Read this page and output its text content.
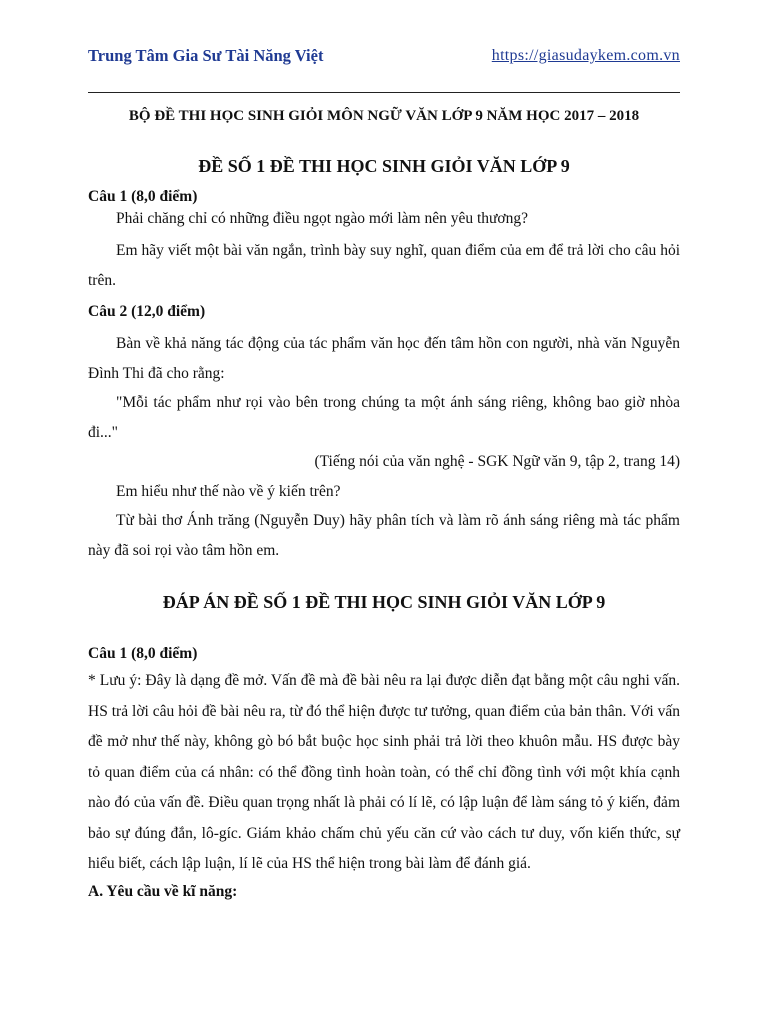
Trung Tâm Gia Sư Tài Năng Việt	https://giasudaykem.com.vn
BỘ ĐỀ THI HỌC SINH GIỎI MÔN NGỮ VĂN LỚP 9 NĂM HỌC 2017 – 2018
ĐỀ SỐ 1 ĐỀ THI HỌC SINH GIỎI VĂN LỚP 9

Câu 1 (8,0 điểm)

Phải chăng chỉ có những điều ngọt ngào mới làm nên yêu thương?

Em hãy viết một bài văn ngắn, trình bày suy nghĩ, quan điểm của em để trả lời cho câu hỏi trên.

Câu 2 (12,0 điểm)

Bàn về khả năng tác động của tác phẩm văn học đến tâm hồn con người, nhà văn Nguyễn Đình Thi đã cho rằng:

"Mỗi tác phẩm như rọi vào bên trong chúng ta một ánh sáng riêng, không bao giờ nhòa đi..."

(Tiếng nói của văn nghệ - SGK Ngữ văn 9, tập 2, trang 14)

Em hiểu như thế nào về ý kiến trên?

Từ bài thơ Ánh trăng (Nguyễn Duy) hãy phân tích và làm rõ ánh sáng riêng mà tác phẩm này đã soi rọi vào tâm hồn em.

ĐÁP ÁN ĐỀ SỐ 1 ĐỀ THI HỌC SINH GIỎI VĂN LỚP 9

Câu 1 (8,0 điểm)

* Lưu ý: Đây là dạng đề mở. Vấn đề mà đề bài nêu ra lại được diễn đạt bằng một câu nghi vấn. HS trả lời câu hỏi đề bài nêu ra, từ đó thể hiện được tư tưởng, quan điểm của bản thân. Với vấn đề mở như thế này, không gò bó bắt buộc học sinh phải trả lời theo khuôn mẫu. HS được bày tỏ quan điểm của cá nhân: có thể đồng tình hoàn toàn, có thể chỉ đồng tình với một khía cạnh nào đó của vấn đề. Điều quan trọng nhất là phải có lí lẽ, có lập luận để làm sáng tỏ ý kiến, đảm bảo sự đúng đắn, lô-gíc. Giám khảo chấm chủ yếu căn cứ vào cách tư duy, vốn kiến thức, sự hiểu biết, cách lập luận, lí lẽ của HS thể hiện trong bài làm để đánh giá.

A. Yêu cầu về kĩ năng:
